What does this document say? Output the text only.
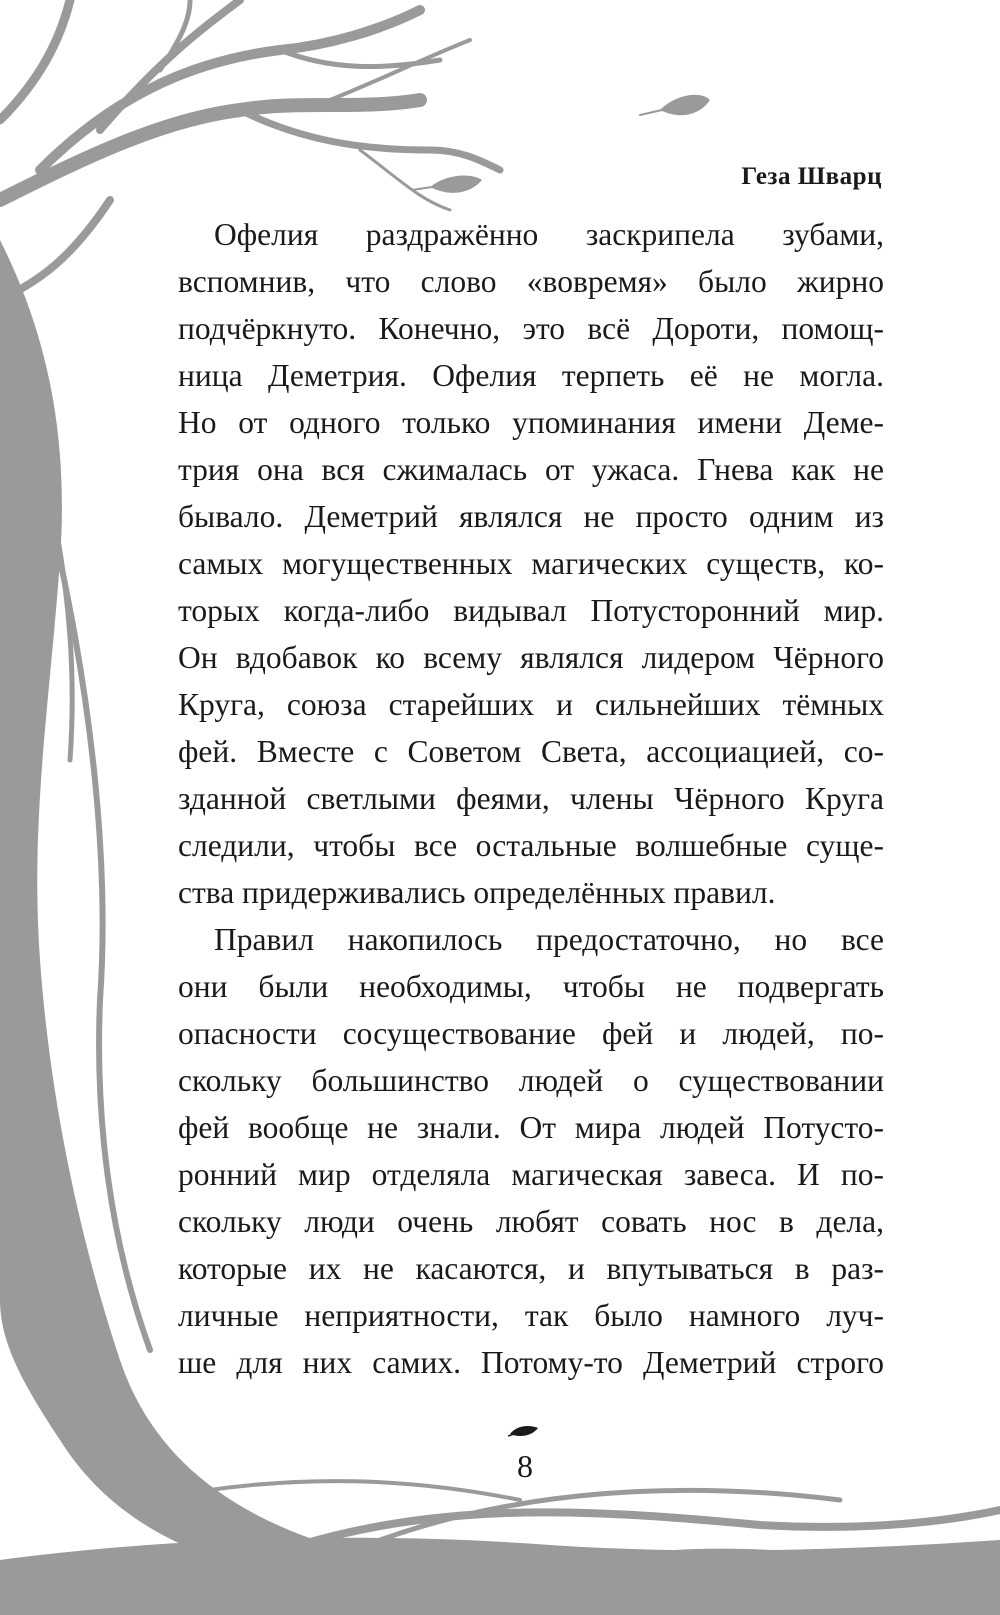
Геза Шварц
Офелия раздражённо заскрипела зубами,
вспомнив, что слово «вовремя» было жирно
подчёркнуто. Конечно, это всё Дороти, помощ-
ница Деметрия. Офелия терпеть её не могла.
Но от одного только упоминания имени Деме-
трия она вся сжималась от ужаса. Гнева как не
бывало. Деметрий являлся не просто одним из
самых могущественных магических существ, ко-
торых когда-либо видывал Потусторонний мир.
Он вдобавок ко всему являлся лидером Чёрного
Круга, союза старейших и сильнейших тёмных
фей. Вместе с Советом Света, ассоциацией, со-
зданной светлыми феями, члены Чёрного Круга
следили, чтобы все остальные волшебные суще-
ства придерживались определённых правил.
Правил накопилось предостаточно, но все
они были необходимы, чтобы не подвергать
опасности сосуществование фей и людей, по-
скольку большинство людей о существовании
фей вообще не знали. От мира людей Потусто-
ронний мир отделяла магическая завеса. И по-
скольку люди очень любят совать нос в дела,
которые их не касаются, и впутываться в раз-
личные неприятности, так было намного луч-
ше для них самих. Потому-то Деметрий строго
8
